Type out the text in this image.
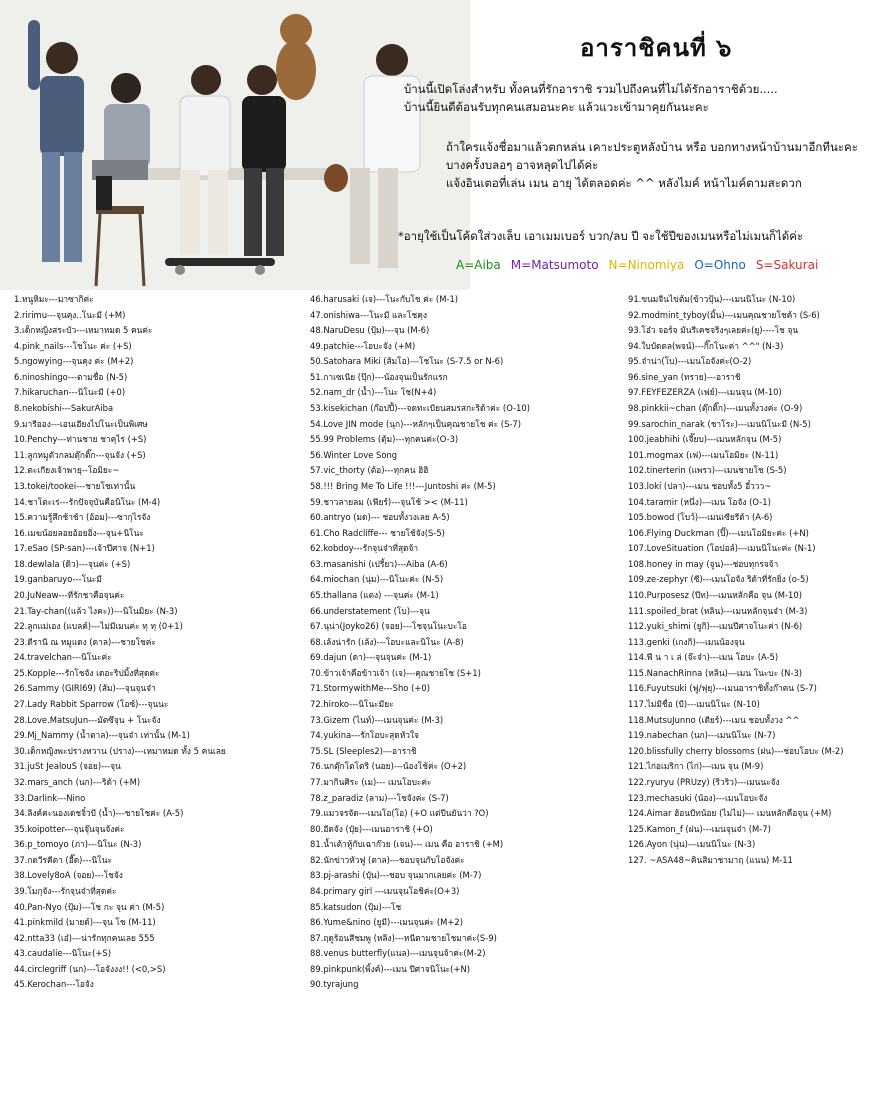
อาราชิคนที่ ๖

บ้านนี้เปิดโล่งสำหรับ ทั้งคนที่รักอาราชิ รวมไปถึงคนที่ไม่ได้รักอาราชิด้วย.....

บ้านนี้ยินดีต้อนรับทุกคนเสมอนะคะ แล้วแวะเข้ามาคุยกันนะคะ

ถ้าใครแจ้งชื่อมาแล้วตกหล่น เคาะประตูหลังบ้าน หรือ บอกทางหน้าบ้านมาอีกทีนะคะ

บางครั้งบลอๆ อาจหลุดไปได้ค่ะ

แจ้งอินเตอที่เล่น เมน อายุ ได้ตลอดค่ะ ^^ หลังไมค์ หน้าไมค์ตามสะดวก

*อายุใช้เป็นโค้ดใส่วงเล็บ เอาเมมเบอร์ บวก/ลบ ปี จะใช้ปีของเมนหรือไม่เมนก็ได้ค่ะ
A=Aiba M=Matsumoto N=Ninomiya O=Ohno S=Sakurai
1.หนูหิมะ---มาซากิค่ะ
2.ririmu---จุนคุง..โนะมี (+M)
3.เด็กหญิงสระบัว---เหมาหมด 5 คนค่ะ
4.pink_nails---โชโนะ ค่ะ (+S)
5.ngowying---จุนคุง ค่ะ (M+2)
6.ninoshingo---ตามชื่อ (N-5)
7.hikaruchan---นิโนะมี (+0)
8.nekobishi---SakurAiba
9.มารีออง---เอนเอียงไปโนะเป็นพิเศษ
10.Penchy---ท่านชาย ชาคุไร (+S)
11.ลูกหมูตัวกลมตุ๊กติ๊ก---จุนจัง (+S)
12.ตะเกียงเจ้าพายุ--โอมิยะ~
13.tokei/tookei---ชายโชเท่านั้น
14.ชาโตะเร่---รักปัจจุบันคือนิโนะ (M-4)
15.ความรู้สึกช้าช้า (อ้อม)---ซากุไรจัง
16.เมฆน้อยลอยอ้อยอิ่ง---จุน+นิโนะ
17.eSao (SP-san)---เจ้าปีศาจ (N+1)
18.dewlala (ดิว)---จุนค่ะ (+S)
19.ganbaruyo---โนะมี
20.JuNeaw---ที่รักชาคือจุนค่ะ
21.Tay-chan((แล้ว ไงคะ))---นิโนมิยะ (N-3)
22.ลูกแม่เอง (แบลค์)---ไม่มีเมนค่ะ ทุ ทุ (0+1)
23.ดีรานี ณ หมูแดง (ดาล)---ชายโชค่ะ
24.travelchan---นิโนะค่ะ
25.Kopple---รักโชจัง เดอะริปมิ้งที่สุดค่ะ
26.Sammy (GIRl69) (ส้ม)---จุนจุนจ๋า
27.Lady Rabbit Sparrow (โอซ์)---จุนนะ
28.Love.MatsuJun---มัตซึจุน + โนะจัง
29.Mj_Nammy (น้ำตาล)---จุนจ๋า เท่านั้น (M-1)
30.เด็กหญิงพะปรางหวาน (ปราง)---เหมาหมด ทั้ง 5 คนเลย
31.juSt JealouS (จอย)---จุน
32.mars_anch (นก)---ริด้า (+M)
33.Darlink---Nino
34.ลิงค์คะนองเดชจิ๋วบี (น้ำ)---ชายโชค่ะ (A-5)
35.koipotter---จุนจุ๊นจุนจังค่ะ
36.p_tomoyo (ภา)---นิโนะ (N-3)
37.กดวีรคีตา (อี๊ด)---นิโนะ
38.Lovely8oA (จอย)---โชจัง
39.โมกุจัง---รักจุนจ๋าที่สุดค่ะ
40.Pan-Nyo (ปุ้ม)---โช กะ จุน ค่า (M-5)
41.pinkmild (มายด์)---จุน โช (M-11)
42.ntta33 (เอ๋)---น่ารักทุกคนเลย 555
43.caudalie---นิโนะ(+S)
44.circlegriff (นก)---โอจังงง!! (<0,>S)
45.Kerochan---โอจัง
46.harusaki (เจ)---โนะกับโช ค่ะ (M-1)
47.onishiwa---โนะมี และโชคุง
48.NaruDesu (ปุ้ม)---จุน (M-6)
49.patchie---โอบะจัง (+M)
50.Satohara Miki (ส้มโอ)---โชโนะ (S-7.5 or N-6)
51.กาเซเนีย (ปุ๊ก)---น้องจุนเป็นรักแรก
52.nam_dr (น้ำ)---โนะ โช(N+4)
53.kisekichan (ก๊อปปี้)---จดทะเบียนสมรสกะริด้าค่ะ (O-10)
54.Love JIN mode (นุก)---หลักๆเป็นคุณชายโช ค่ะ (S-7)
55.99 Problems (ตุ้ม)---ทุกคนค่ะ(O-3)
56.Winter Love Song
57.vic_thorty (ต้อ)---ทุกคน ฮิฮิ
58.!!! Bring Me To Life !!!---Juntoshi ค่ะ (M-5)
59.ชาวลายลม (เฟียร์)---จุนโช้ >< (M-11)
60.antryo (มด)--- ช่อบทั้งวงเลย A-5)
61.Cho Radcliffe--- ชายโช้จัง(S-5)
62.kobdoy---รักจุนจ๋าที่สุดจ้า
63.masanishi (เปรี้ยว)---Aiba (A-6)
64.miochan (นุ่ม)---นิโนะค่ะ (N-5)
65.thallana (แตง) ---จุนค่ะ (M-1)
66.understatement (โบ)---จุน
67.นุน่า(Joyko26) (จอย)---โชจุนโนะบะโอ
68.เล้งน่ารัก (เล้ง)---โอบะและนิโนะ (A-8)
69.dajun (ดา)---จุนจุนค่ะ (M-1)
70.ข้าวเจ้าคือข้าวเจ้า (เจ)---คุณชายโช (S+1)
71.StormywithMe---Sho (+0)
72.hiroko---นิโนะมียะ
73.Gizem (ไนท์)---เมนจุนค่ะ (M-3)
74.yukina---รักโอบะสุดหัวใจ
75.SL (Sleeples2)---อาราชิ
76.นกตุ๊กโตโตริ (นอย)---น้องโช้ค่ะ (O+2)
77.มากินศิระ (เม)--- เมนโอบะค่ะ
78.z_paradiz (ลาม)---โชจังค่ะ (S-7)
79.แมวจรจัด---เมนโอ(โอ) (+O แต่ปีนยันว่า ?O)
80.อีดจัง (ปุ๋ย)---เมนอาราชิ (+O)
81.น้ำเต้าหู้กับเฉาก๊วย (เจน)--- เมน คือ อาราชิ (+M)
82.นักข่าวหัวฟู (ตาล)---ชอบจุนกับโอจังค่ะ
83.pj-arashi (ปุ๋น)---ชอบ จุนมากเลยค่ะ (M-7)
84.primary girl ---เมนจุนโอชิค่ะ(O+3)
85.katsudon (ปุ้ม)---โช
86.Yume&nino (ยูมี)---เมนจุนค่ะ (M+2)
87.ฤดูร้อนสีชมพู (หลิง)---หนีตามชายโชมาค่ะ(S-9)
88.venus butterfly(แนล)---เมนจุนจ้าค่ะ(M-2)
89.pinkpunk(พิ้งค์)---เมน ปีศาจนิโนะ(+N)
90.tyrajung
91.ขนมจีนไข่ต้ม(ข้าวปุ้น)---เมนนิโนะ (N-10)
92.modmint_tyboy(มิ้น)---เมนคุณชายโชค้า (S-6)
93.โอ๋ว จอร์จ มันรีเคชจริงๆเลยค่ะ(ยู)----โช จุน
94.ใบบัดดล(พจน์)---กิ๊กโนะค่า ^^" (N-3)
95.จ๋าน่า(โบ)---เมนโอจังค่ะ(O-2)
96.sine_yan (ทราย)---อาราชิ
97.FEYFEZERZA (เฟย์)---เมนจุน (M-10)
98.pinkkii~chan (ตุ๊กติ๊ก)---เมนทั้งวงค่ะ (O-9)
99.sarochin_narak (ชาโระ)---เมนนิโนะมี (N-5)
100.jeabhihi (เจี๊ยบ)---เมนหลักจุน (M-5)
101.mogmax (เฟ)---เมนโอมิยะ (N-11)
102.tinerterin (แพรว)---เมนชายโช (S-5)
103.loki (ปลา)---เมน ชอบทั้ง5 อี๋ววว~
104.taramir (หนึ่ง)---เมน โอจัง (O-1)
105.bowod (โบว์)---เมนเซียรีด้า (A-6)
106.Flying Duckman (ปิ๊)---เมนโอมิยะค่ะ (+N)
107.LoveSituation (โอปอล์)---เมนนิโนะค่ะ (N-1)
108.honey in may (จูน)---ช่อบทุกรจจ้า
109.ze-zephyr (ซี)---เมนโอจัง ริด้าที่รักยิ่ง (o-5)
110.Purposesz (ปีท)---เมนหลักคือ จุน (M-10)
111.spoiled_brat (หลิน)---เมนหลักจุนจ๋า (M-3)
112.yuki_shimi (ยูกิ)---เมนปีศาจโนะค่า (N-6)
113.genki (เกงกิ)---เมนน้องจุน
114.ฟี น า เ ล่ (จ๊ะจ๋า)---เมน โอบะ (A-5)
115.NanachRinna (หลิน)---เมน โนะบะ (N-3)
116.Fuyutsuki (ฟู/ฟุยุ)---เมนอาราชิทั้งก๊าคน (S-7)
117.ไม่มีชื่อ (บี)---เมนนิโนะ (N-10)
118.MutsuJunno (เดียร์)---เมน ชอบทั้งวง ^^
119.nabechan (นก)---เมนนิโนะ (N-7)
120.blissfully cherry blossoms (ฝน)---ช่อบโอบะ (M-2)
121.ไก่อเมริกา (ไก่)---เมน จุน (M-9)
122.ryuryu (PRUzy) (ริวริว)---เมนนะจัง
123.mechasuki (น้อง)---เมนโอบะจัง
124.Aimar ฮ้อนบีทน้อย (ไม่ไม่)--- เมนหลักคือจุน (+M)
125.Kamon_f (ฝน)---เมนจุนจ๋า (M-7)
126.Ayon (นุ่น)---เมนนิโนะ (N-3)
127. ~ASA48~คินสิมาชามาฤ (แนน) M-11
